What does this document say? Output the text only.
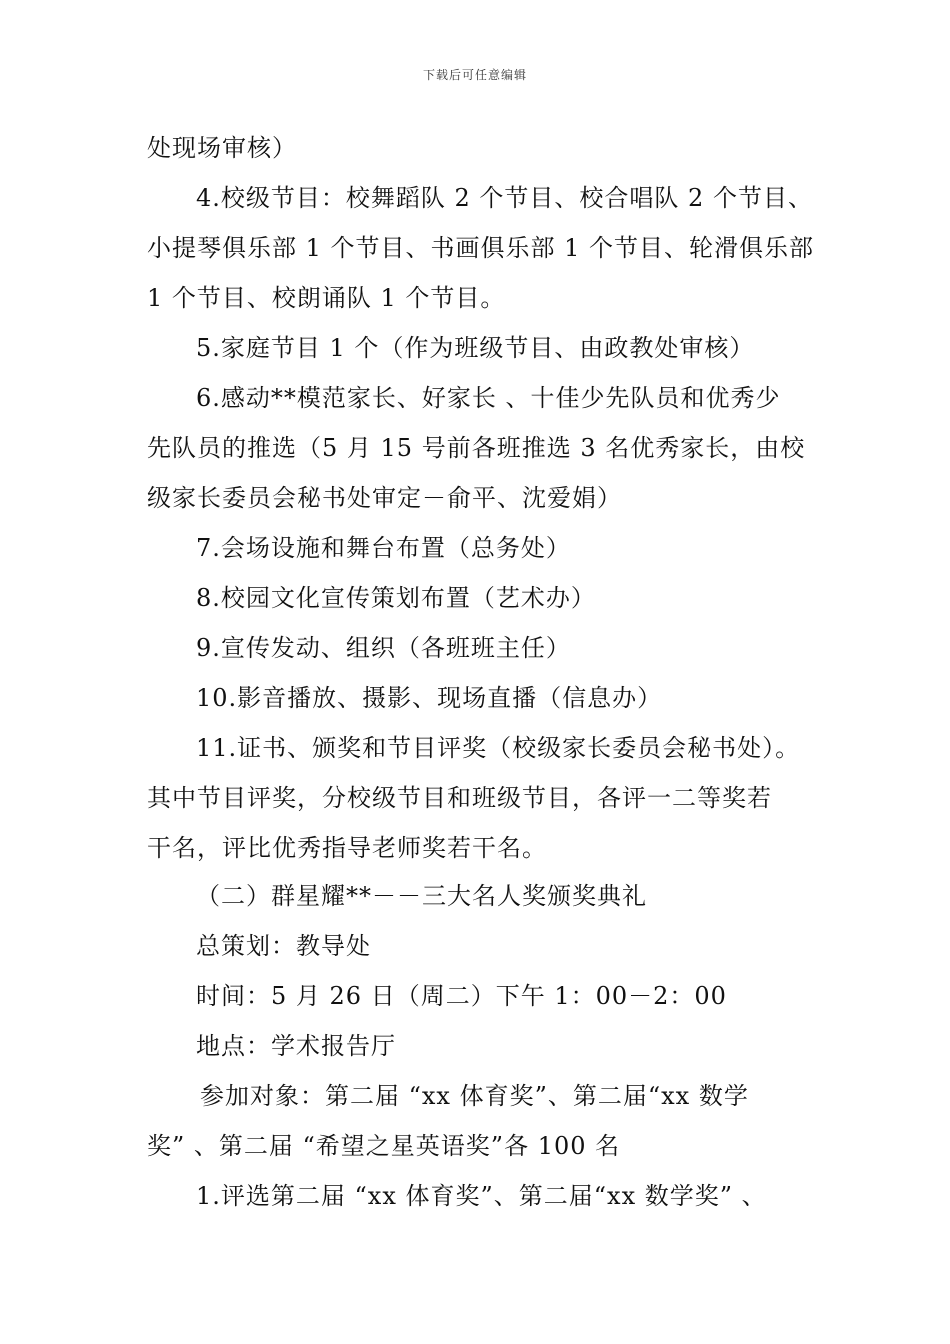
下载后可任意编辑
处现场审核）
4.校级节目：校舞蹈队 2 个节目、校合唱队 2 个节目、
小提琴俱乐部 1 个节目、书画俱乐部 1 个节目、轮滑俱乐部
1 个节目、校朗诵队 1 个节目。
5.家庭节目 1 个（作为班级节目、由政教处审核）
6.感动**模范家长、好家长 、十佳少先队员和优秀少
先队员的推选（5 月 15 号前各班推选 3 名优秀家长，由校
级家长委员会秘书处审定－俞平、沈爱娟）
7.会场设施和舞台布置（总务处）
8.校园文化宣传策划布置（艺术办）
9.宣传发动、组织（各班班主任）
10.影音播放、摄影、现场直播（信息办）
11.证书、颁奖和节目评奖（校级家长委员会秘书处）。
其中节目评奖，分校级节目和班级节目，各评一二等奖若
干名，评比优秀指导老师奖若干名。
（二）群星耀**－－三大名人奖颁奖典礼
总策划：教导处
时间：5 月 26 日（周二）下午 1：00－2：00
地点：学术报告厅
参加对象：第二届 “xx 体育奖”、第二届“xx 数学
奖” 、第二届 “希望之星英语奖”各 100 名
1.评选第二届 “xx 体育奖”、第二届“xx 数学奖” 、
